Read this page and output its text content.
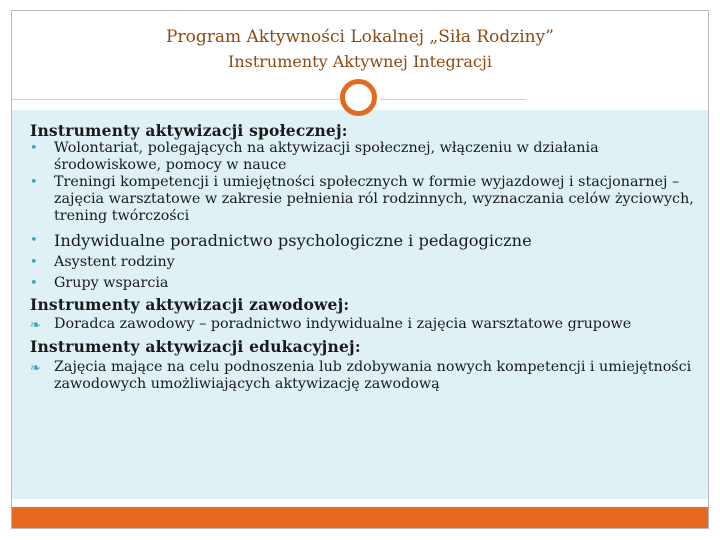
Program Aktywności Lokalnej „Siła Rodziny”
Instrumenty Aktywnej Integracji
Instrumenty aktywizacji społecznej:
• Wolontariat, polegających na aktywizacji społecznej, włączeniu w działania środowiskowe, pomocy w nauce
• Treningi kompetencji i umiejętności społecznych w formie wyjazdowej i stacjonarnej – zajęcia warsztatowe w zakresie pełnienia ról rodzinnych, wyznaczania celów życiowych, trening twórczości
• Indywidualne poradnictwo psychologiczne i pedagogiczne
• Asystent rodziny
• Grupy wsparcia
Instrumenty aktywizacji zawodowej:
❧ Doradca zawodowy – poradnictwo indywidualne i zajęcia warsztatowe grupowe
Instrumenty aktywizacji edukacyjnej:
❧ Zajęcia mające na celu podnoszenia lub zdobywania nowych kompetencji i umiejętności zawodowych umożliwiających aktywizację zawodową
